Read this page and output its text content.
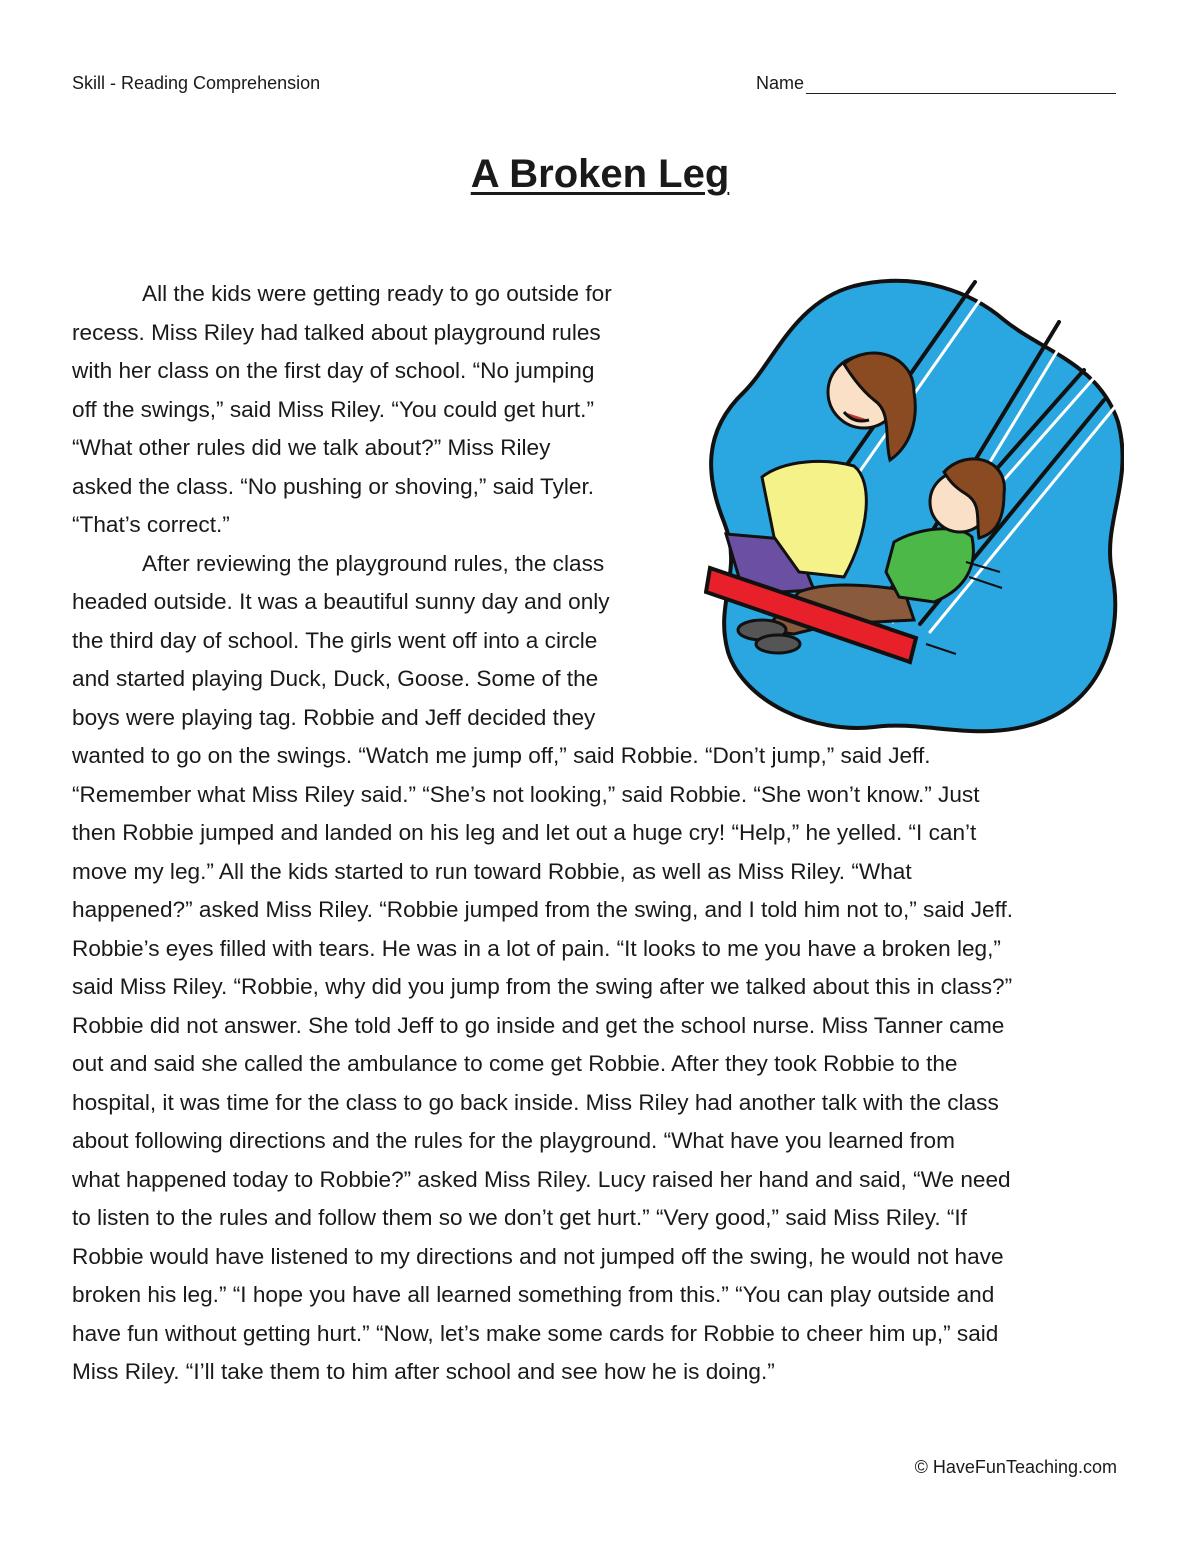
Skill - Reading Comprehension	Name
A Broken Leg
All the kids were getting ready to go outside for
recess. Miss Riley had talked about playground rules
with her class on the first day of school. “No jumping
off the swings,” said Miss Riley. “You could get hurt.”
“What other rules did we talk about?” Miss Riley
asked the class. “No pushing or shoving,” said Tyler.
“That’s correct.”
After reviewing the playground rules, the class
headed outside. It was a beautiful sunny day and only
the third day of school. The girls went off into a circle
and started playing Duck, Duck, Goose. Some of the
boys were playing tag. Robbie and Jeff decided they
wanted to go on the swings. “Watch me jump off,” said Robbie. “Don’t jump,” said Jeff.
“Remember what Miss Riley said.” “She’s not looking,” said Robbie. “She won’t know.” Just
then Robbie jumped and landed on his leg and let out a huge cry! “Help,” he yelled. “I can’t
move my leg.” All the kids started to run toward Robbie, as well as Miss Riley. “What
happened?” asked Miss Riley. “Robbie jumped from the swing, and I told him not to,” said Jeff.
Robbie’s eyes filled with tears. He was in a lot of pain. “It looks to me you have a broken leg,”
said Miss Riley. “Robbie, why did you jump from the swing after we talked about this in class?”
Robbie did not answer. She told Jeff to go inside and get the school nurse. Miss Tanner came
out and said she called the ambulance to come get Robbie. After they took Robbie to the
hospital, it was time for the class to go back inside. Miss Riley had another talk with the class
about following directions and the rules for the playground. “What have you learned from
what happened today to Robbie?” asked Miss Riley. Lucy raised her hand and said, “We need
to listen to the rules and follow them so we don’t get hurt.” “Very good,” said Miss Riley. “If
Robbie would have listened to my directions and not jumped off the swing, he would not have
broken his leg.” “I hope you have all learned something from this.” “You can play outside and
have fun without getting hurt.” “Now, let’s make some cards for Robbie to cheer him up,” said
Miss Riley. “I’ll take them to him after school and see how he is doing.”
© HaveFunTeaching.com
